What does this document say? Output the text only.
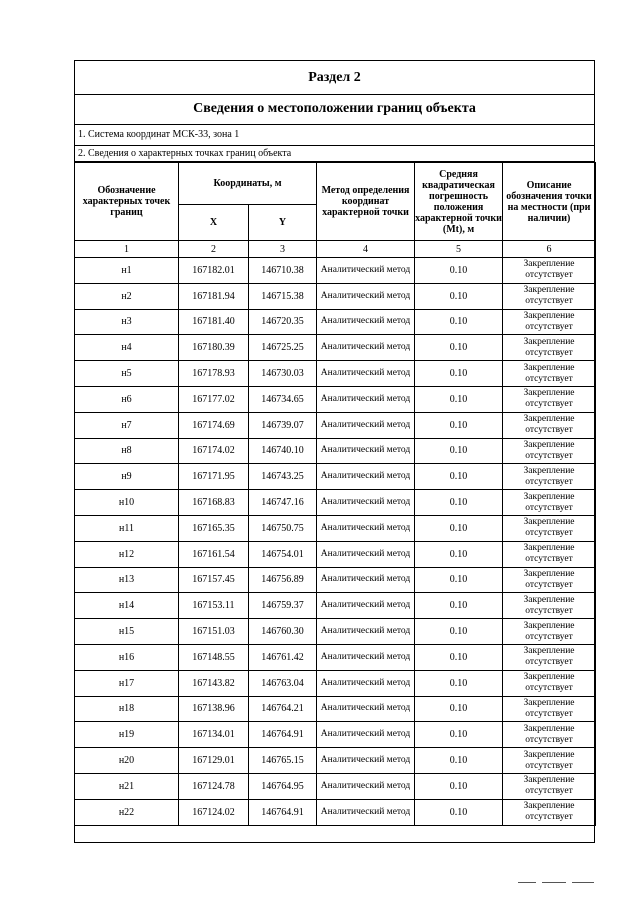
Раздел 2
Сведения о местоположении границ объекта
1. Система координат МСК-33, зона 1
2. Сведения о характерных точках границ объекта
Обозначение характерных точек границ	Координаты, м		Метод определения координат характерной точки	Средняя квадратическая погрешность положения характерной точки (Mt), м	Описание обозначения точки на местности (при наличии)
	X	Y			
1	2	3	4	5	6
н1	167182.01	146710.38	Аналитический метод	0.10	Закрепление отсутствует
н2	167181.94	146715.38	Аналитический метод	0.10	Закрепление отсутствует
н3	167181.40	146720.35	Аналитический метод	0.10	Закрепление отсутствует
н4	167180.39	146725.25	Аналитический метод	0.10	Закрепление отсутствует
н5	167178.93	146730.03	Аналитический метод	0.10	Закрепление отсутствует
н6	167177.02	146734.65	Аналитический метод	0.10	Закрепление отсутствует
н7	167174.69	146739.07	Аналитический метод	0.10	Закрепление отсутствует
н8	167174.02	146740.10	Аналитический метод	0.10	Закрепление отсутствует
н9	167171.95	146743.25	Аналитический метод	0.10	Закрепление отсутствует
н10	167168.83	146747.16	Аналитический метод	0.10	Закрепление отсутствует
н11	167165.35	146750.75	Аналитический метод	0.10	Закрепление отсутствует
н12	167161.54	146754.01	Аналитический метод	0.10	Закрепление отсутствует
н13	167157.45	146756.89	Аналитический метод	0.10	Закрепление отсутствует
н14	167153.11	146759.37	Аналитический метод	0.10	Закрепление отсутствует
н15	167151.03	146760.30	Аналитический метод	0.10	Закрепление отсутствует
н16	167148.55	146761.42	Аналитический метод	0.10	Закрепление отсутствует
н17	167143.82	146763.04	Аналитический метод	0.10	Закрепление отсутствует
н18	167138.96	146764.21	Аналитический метод	0.10	Закрепление отсутствует
н19	167134.01	146764.91	Аналитический метод	0.10	Закрепление отсутствует
н20	167129.01	146765.15	Аналитический метод	0.10	Закрепление отсутствует
н21	167124.78	146764.95	Аналитический метод	0.10	Закрепление отсутствует
н22	167124.02	146764.91	Аналитический метод	0.10	Закрепление отсутствует
